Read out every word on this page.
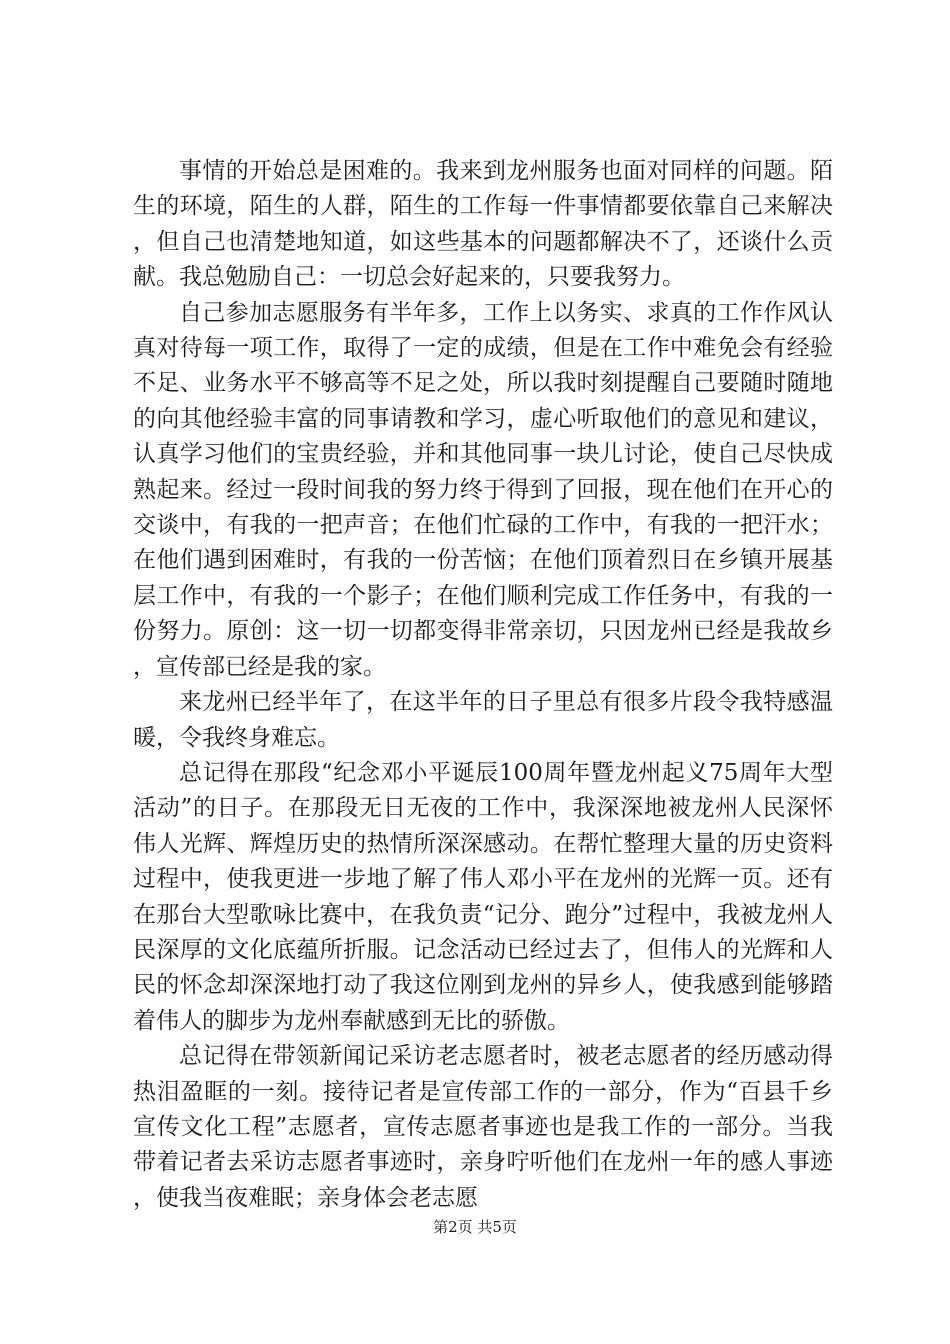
事情的开始总是困难的。我来到龙州服务也面对同样的问题。陌生的环境，陌生的人群，陌生的工作每一件事情都要依靠自己来解决，但自己也清楚地知道，如这些基本的问题都解决不了，还谈什么贡献。我总勉励自己：一切总会好起来的，只要我努力。

自己参加志愿服务有半年多，工作上以务实、求真的工作作风认真对待每一项工作，取得了一定的成绩，但是在工作中难免会有经验不足、业务水平不够高等不足之处，所以我时刻提醒自己要随时随地的向其他经验丰富的同事请教和学习，虚心听取他们的意见和建议，认真学习他们的宝贵经验，并和其他同事一块儿讨论，使自己尽快成熟起来。经过一段时间我的努力终于得到了回报，现在他们在开心的交谈中，有我的一把声音；在他们忙碌的工作中，有我的一把汗水；在他们遇到困难时，有我的一份苦恼；在他们顶着烈日在乡镇开展基层工作中，有我的一个影子；在他们顺利完成工作任务中，有我的一份努力。原创：这一切一切都变得非常亲切，只因龙州已经是我故乡，宣传部已经是我的家。

来龙州已经半年了，在这半年的日子里总有很多片段令我特感温暖，令我终身难忘。

总记得在那段“纪念邓小平诞辰100周年暨龙州起义75周年大型活动”的日子。在那段无日无夜的工作中，我深深地被龙州人民深怀伟人光辉、辉煌历史的热情所深深感动。在帮忙整理大量的历史资料过程中，使我更进一步地了解了伟人邓小平在龙州的光辉一页。还有在那台大型歌咏比赛中，在我负责“记分、跑分”过程中，我被龙州人民深厚的文化底蕴所折服。记念活动已经过去了，但伟人的光辉和人民的怀念却深深地打动了我这位刚到龙州的异乡人，使我感到能够踏着伟人的脚步为龙州奉献感到无比的骄傲。

总记得在带领新闻记采访老志愿者时，被老志愿者的经历感动得热泪盈眶的一刻。接待记者是宣传部工作的一部分，作为“百县千乡宣传文化工程”志愿者，宣传志愿者事迹也是我工作的一部分。当我带着记者去采访志愿者事迹时，亲身咛听他们在龙州一年的感人事迹，使我当夜难眠；亲身体会老志愿

第2页 共5页
